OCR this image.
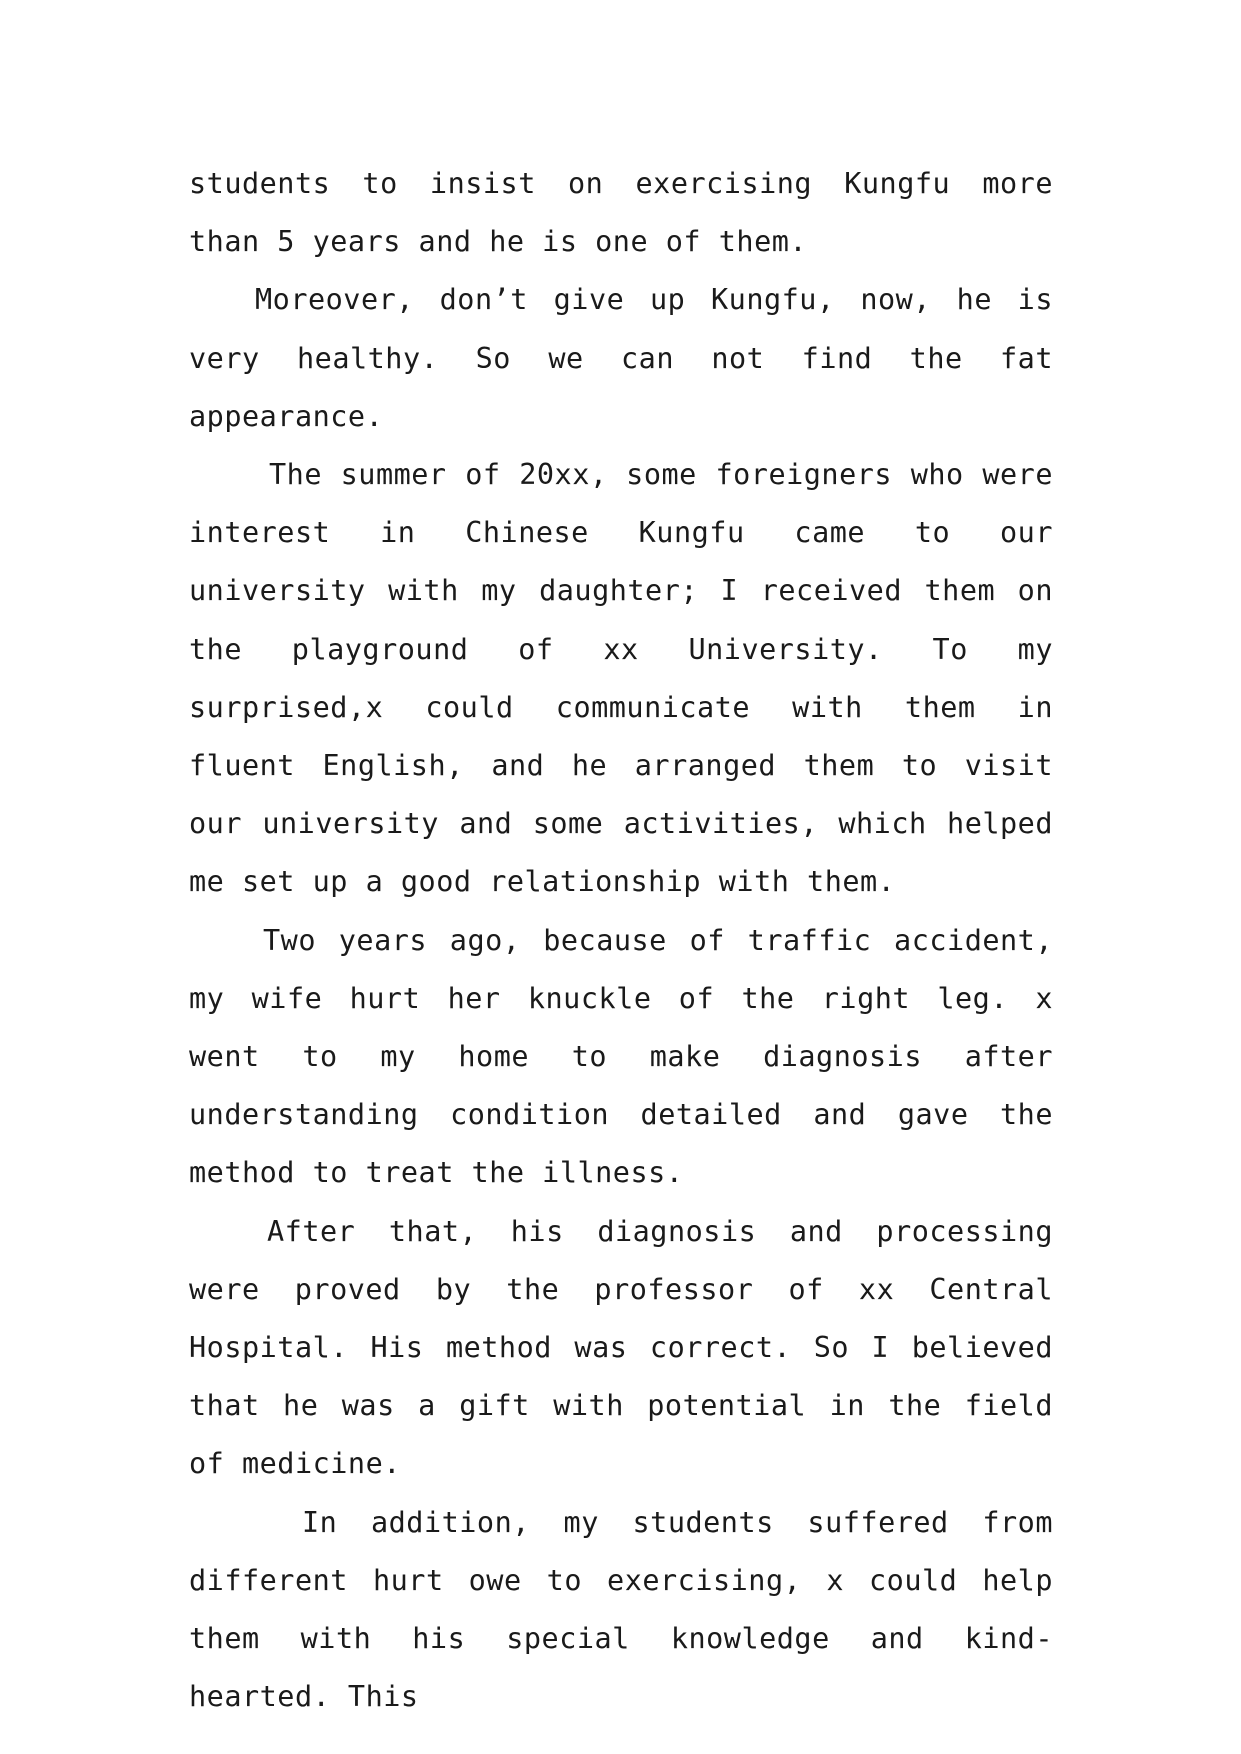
students to insist on exercising Kungfu more than 5 years and he is one of them.

Moreover, don’t give up Kungfu, now, he is very healthy. So we can not find the fat appearance.

The summer of 20xx, some foreigners who were interest in Chinese Kungfu came to our university with my daughter; I received them on the playground of xx University. To my surprised,x could communicate with them in fluent English, and he arranged them to visit our university and some activities, which helped me set up a good relationship with them.

Two years ago, because of traffic accident, my wife hurt her knuckle of the right leg. x went to my home to make diagnosis after understanding condition detailed and gave the method to treat the illness.

After that, his diagnosis and processing were proved by the professor of xx Central Hospital. His method was correct. So I believed that he was a gift with potential in the field of medicine.

In addition, my students suffered from different hurt owe to exercising, x could help them with his special knowledge and kind-hearted. This
